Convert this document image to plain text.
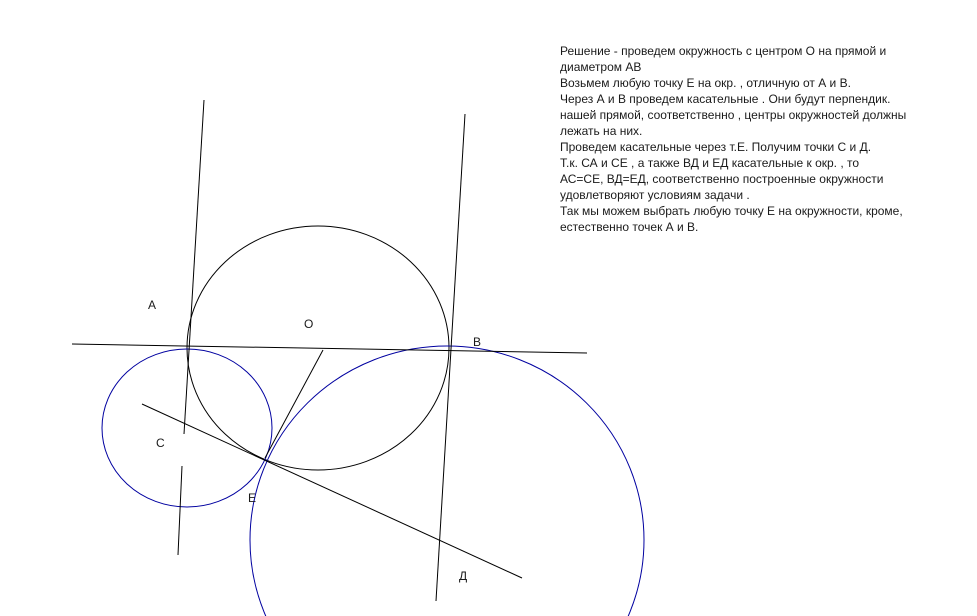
А
О
В
С
Е
Д
Решение - проведем окружность с центром О на прямой и
диаметром АВ
Возьмем любую точку Е на окр. , отличную от А и В.
Через А и В проведем касательные . Они будут перпендик.
нашей прямой, соответственно , центры окружностей должны
лежать на них.
Проведем касательные через т.Е. Получим точки С и Д.
Т.к. СА и СЕ , а также ВД и ЕД касательные к окр. , то
АС=СЕ, ВД=ЕД, соответственно построенные окружности
удовлетворяют условиям задачи .
Так мы можем выбрать любую точку Е на окружности, кроме,
естественно точек А и В.
